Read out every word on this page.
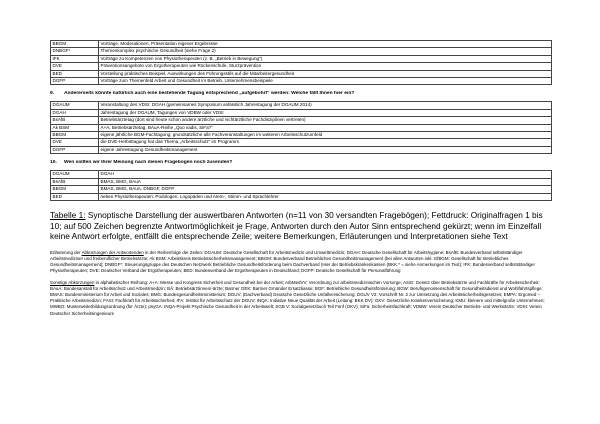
BBGM	Vorträge, Moderationen, Präsentation eigener Ergebnisse
DNBGF*	Themenkomplex psychische Gesundheit (siehe Frage 2)
IFK	Vorträge zu Kompetenzen von Physiotherapeuten (z. B. „Betrieb in Bewegung“)
DVE	Präventionsangebote von Ergotherapeuten wie Rückenschule, Sturzprävention
BED	Vorstellung praktisches Beispiel, Auswirkungen des Führungsstils auf die Mitarbeitergesundheit
DGFP	Vorträge zum Themenfeld Arbeit und Gesundheit im Betrieb, Unternehmensbeispiele
9. Andererseits könnte natürlich auch eine bestehende Tagung entsprechend „aufgebohrt“ werden: Welche fällt Ihnen hier ein?
DGAUM	Veranstaltung des VDSI: DGAH (gemeinsames Symposium anlässlich Jahrestagung der DGAUM 2014)
DGAH	Jahrestagung der DGAUM, Tagungen von VDBW oder VDSI
BsAfB	Betriebsärztetag (dort sind heute schon andere ärztliche und nichtärztliche Fachdisziplinen vertreten)
Ak BSM	A+A, Betriebsärztetag, BAuA-Reihe „Quo vadis, SiFa?“
BBGM	eigene jährliche BGM-Fachtagung, grundsätzliche alle Fachveranstaltungen im weiteren Arbeitsschutzumfeld
DVE	die DVE-Herbsttagung hat das Thema „Arbeitsschutz“ im Programm
DGFP	eigene Jahrestagung Gesundheitsmanagement
10. Wen sollten wir Ihrer Meinung nach diesen Fragebogen noch zusenden?
DGAUM	DGAH
BsAfB	BMAS, BMG, BAuA
BBGM	BMAS, BMG, BAuA, DNBGF, DGFP
BED	neben Physiotherapeuten: Podologen, Logopäden und Atem-, Stimm- und Sprachlehrer
Tabelle 1: Synoptische Darstellung der auswertbaren Antworten (n=11 von 30 versandten Fragebögen); Fettdruck: Originalfragen 1 bis 10; auf 500 Zeichen begrenzte Antwortmöglichkeit je Frage, Antworten durch den Autor Sinn entsprechend gekürzt; wenn im Einzelfall keine Antwort erfolgte, entfällt die entsprechende Zeile; weitere Bemerkungen, Erläuterungen und Interpretationen siehe Text

Erläuterung der Abkürzungen der Antwortenden in der Reihenfolge der Zeilen: DGAUM: Deutsche Gesellschaft für Arbeitsmedizin und Umweltmedizin; DGAH: Deutsche Gesellschaft für Arbeitshygiene; BsAfB: Bundesverband selbstständiger Arbeitsmediziner und freiberuflicher Betriebsärzte; Ak BSM: Arbeitskreis Betriebssicherheitsmanagement; BBGM: Bundesverband Betriebliches Gesundheitsmanagement (bei allen Antworten inkl. GfBGM: Gesellschaft für Betriebliches Gesundheitsmanagement); DNBGF*: Steuerungsgruppe des Deutschen Netzwerk Betriebliche Gesundheitsförderung beim Dachverband (Hier der Betriebskrankenkassen (BKK * = siehe Anmerkungen im Text); IFK: Bundesverband selbstständiger Physiotherapeuten; DVE: Deutscher Verband der Ergotherapeuten; BED: Bundesverband der Ergotherapeuten in Deutschland; DGFP: Deutsche Gesellschaft für Personalführung

Sonstige Abkürzungen in alphabetischer Reihung: A+A: Messe und Kongress Sicherheit und Gesundheit bei der Arbeit; ArbMedVV: Verordnung zur arbeitsmedizinischen Vorsorge; ASiG: Gesetz über Betriebsärzte und Fachkräfte für Arbeitssicherheit; BAuA: Bundesanstalt für Arbeitsschutz und Arbeitsmedizin; BÄ: Betriebsärztinnen/-ärzte; Barmer GEK: Barmer Gmünder Ersatzkasse; BGF: Betriebliche Gesundheitsförderung; BGW: Berufsgenossenschaft für Gesundheitsdienst und Wohlfahrtspflege; BMAS: Bundesministerium für Arbeit und Soziales; BMG: Bundesgesundheitsministerium; DGUV: (Dachverband) Deutsche Gesetzliche Unfallversicherung; DGUV V2: Vorschrift Nr. 2 zur Umsetzung des Arbeitssicherheitsgesetzes; EMPA: Ergomed – Praktische Arbeitsmedizin; FASI: Fachkraft für Arbeitssicherheit; IFA: Institut für Arbeitsschutz der DGUV; INQA: Initiative Neue Qualität der Arbeit (Leitung: BKK DV); GKV: Gesetzliche Krankenversicherung; KMU: kleinere und mittelgroße Unternehmen; MWBO: Musterweiterbildungsordnung (für Ärzte); psyGA: INQA-Projekt Psychische Gesundheit in der Arbeitswelt; SGB V: Sozialgesetzbuch Teil Fünf (GKV); SiFa: Sicherheitsfachkraft; VDBW: Verein Deutscher Betriebs- und Werksärzte; VDSI: Verein Deutscher Sicherheitsingenieure
